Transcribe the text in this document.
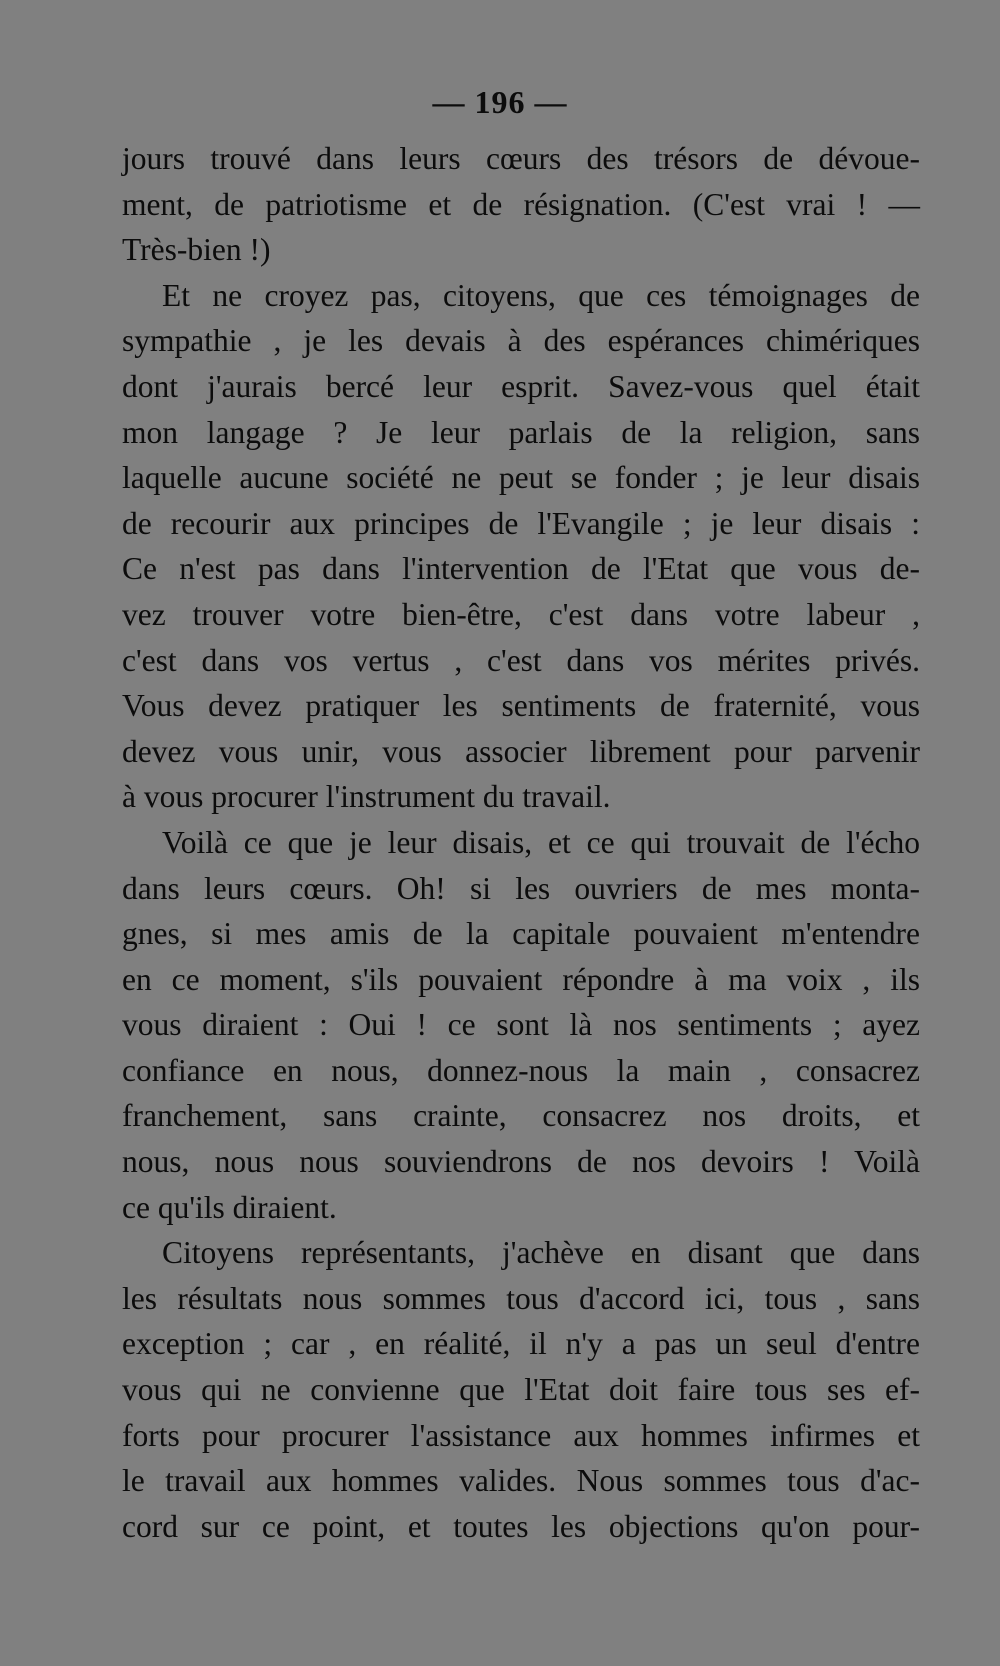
— 196 —
jours trouvé dans leurs cœurs des trésors de dévoue-
ment, de patriotisme et de résignation. (C'est vrai ! —
Très-bien !)
Et ne croyez pas, citoyens, que ces témoignages de
sympathie , je les devais à des espérances chimériques
dont j'aurais bercé leur esprit. Savez-vous quel était
mon langage ? Je leur parlais de la religion, sans
laquelle aucune société ne peut se fonder ; je leur disais
de recourir aux principes de l'Evangile ; je leur disais :
Ce n'est pas dans l'intervention de l'Etat que vous de-
vez trouver votre bien-être, c'est dans votre labeur ,
c'est dans vos vertus , c'est dans vos mérites privés.
Vous devez pratiquer les sentiments de fraternité, vous
devez vous unir, vous associer librement pour parvenir
à vous procurer l'instrument du travail.
Voilà ce que je leur disais, et ce qui trouvait de l'écho
dans leurs cœurs. Oh! si les ouvriers de mes monta-
gnes, si mes amis de la capitale pouvaient m'entendre
en ce moment, s'ils pouvaient répondre à ma voix , ils
vous diraient : Oui ! ce sont là nos sentiments ; ayez
confiance en nous, donnez-nous la main , consacrez
franchement, sans crainte, consacrez nos droits, et
nous, nous nous souviendrons de nos devoirs ! Voilà
ce qu'ils diraient.
Citoyens représentants, j'achève en disant que dans
les résultats nous sommes tous d'accord ici, tous , sans
exception ; car , en réalité, il n'y a pas un seul d'entre
vous qui ne convienne que l'Etat doit faire tous ses ef-
forts pour procurer l'assistance aux hommes infirmes et
le travail aux hommes valides. Nous sommes tous d'ac-
cord sur ce point, et toutes les objections qu'on pour-
